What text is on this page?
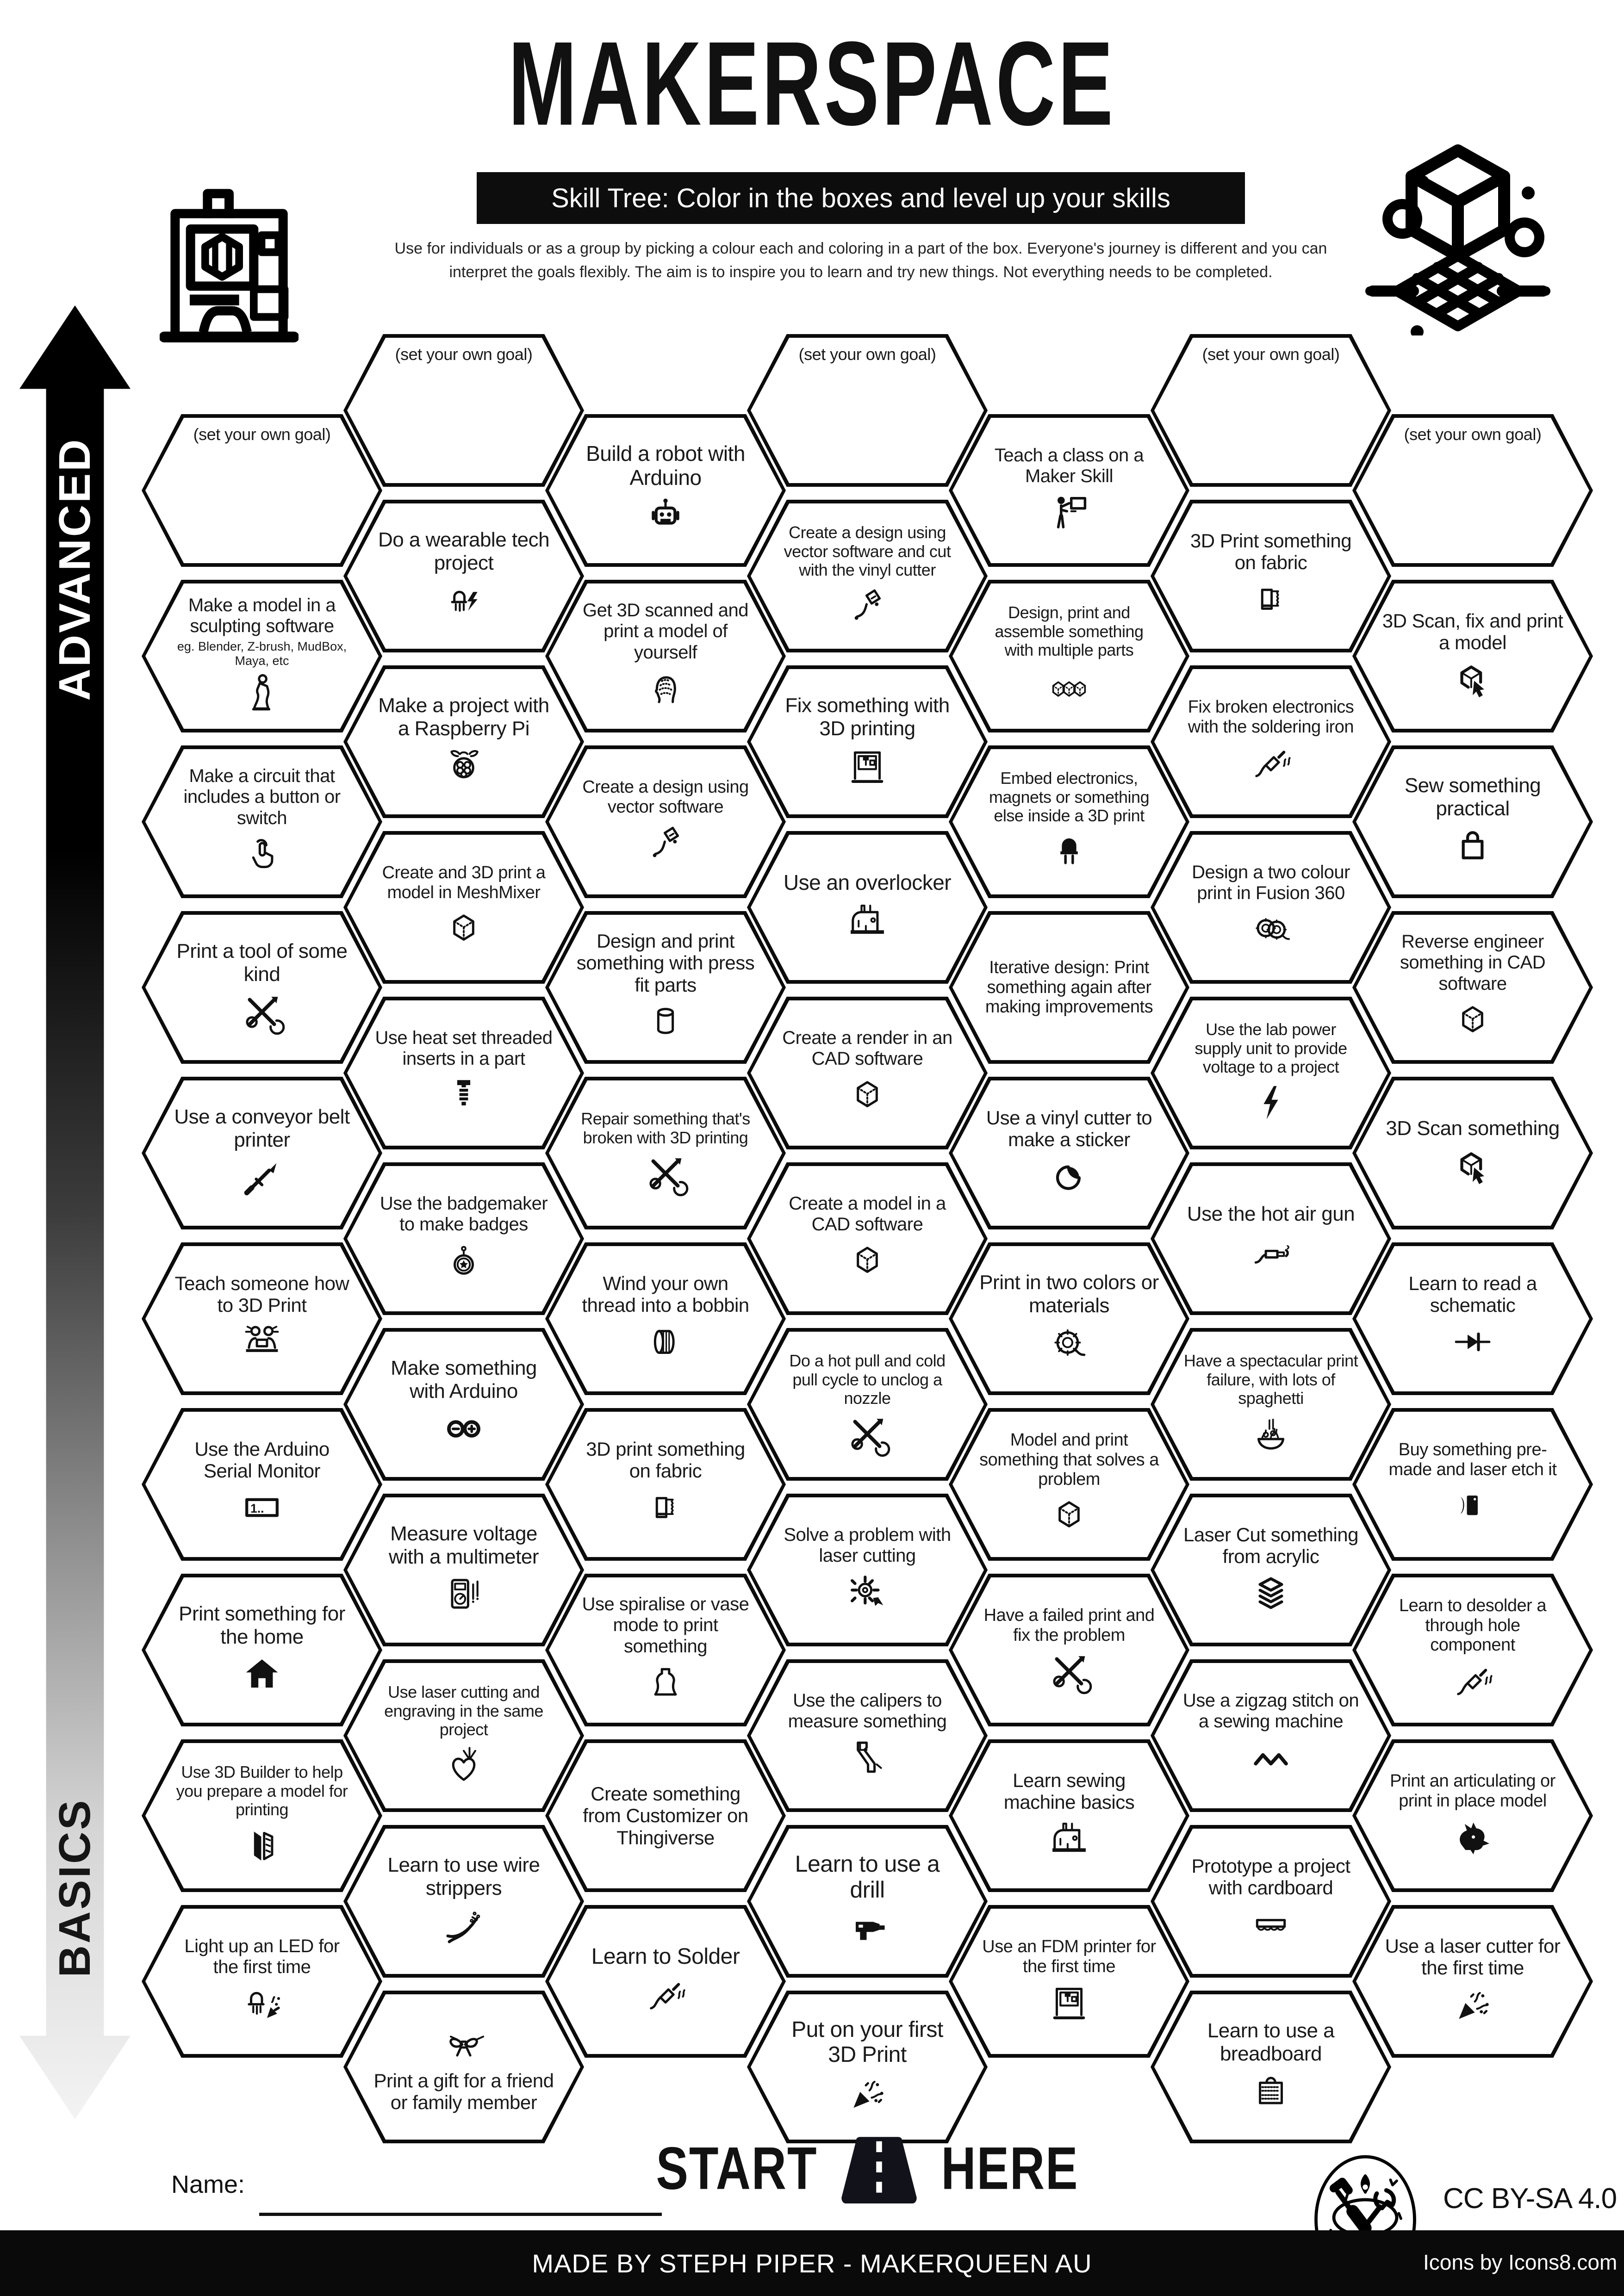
MAKERSPACE
Skill Tree: Color in the boxes and level up your skills
Use for individuals or as a group by picking a colour each and coloring in a part of the box. Everyone's journey is different and you can
interpret the goals flexibly. The aim is to inspire you to learn and try new things. Not everything needs to be completed.
ADVANCED
BASICS
(set your own goal)
Make a model in a sculpting software
eg. Blender, Z-brush, MudBox, Maya, etc
Make a circuit that includes a button or switch
Print a tool of some kind
Use a conveyor belt printer
Teach someone how to 3D Print
Use the Arduino Serial Monitor
1..
Print something for the home
Use 3D Builder to help you prepare a model for printing
Light up an LED for the first time
(set your own goal)
Do a wearable tech project
Make a project with a Raspberry Pi
Create and 3D print a model in MeshMixer
Use heat set threaded inserts in a part
Use the badgemaker to make badges
Make something with Arduino
Measure voltage with a multimeter
Use laser cutting and engraving in the same project
Learn to use wire strippers
Print a gift for a friend or family member
Build a robot with Arduino
Get 3D scanned and print a model of yourself
Create a design using vector software
Design and print something with press fit parts
Repair something that's broken with 3D printing
Wind your own thread into a bobbin
3D print something on fabric
Use spiralise or vase mode to print something
Create something from Customizer on Thingiverse
Learn to Solder
(set your own goal)
Create a design using vector software and cut with the vinyl cutter
Fix something with 3D printing
Use an overlocker
Create a render in an CAD software
Create a model in a CAD software
Do a hot pull and cold pull cycle to unclog a nozzle
Solve a problem with laser cutting
Use the calipers to measure something
Learn to use a drill
Put on your first 3D Print
Teach a class on a Maker Skill
Design, print and assemble something with multiple parts
Embed electronics, magnets or something else inside a 3D print
Iterative design: Print something again after making improvements
Use a vinyl cutter to make a sticker
Print in two colors or materials
Model and print something that solves a problem
Have a failed print and fix the problem
Learn sewing machine basics
Use an FDM printer for the first time
(set your own goal)
3D Print something on fabric
Fix broken electronics with the soldering iron
Design a two colour print in Fusion 360
Use the lab power supply unit to provide voltage to a project
Use the hot air gun
Have a spectacular print failure, with lots of spaghetti
Laser Cut something from acrylic
Use a zigzag stitch on a sewing machine
Prototype a project with cardboard
Learn to use a breadboard
(set your own goal)
3D Scan, fix and print a model
Sew something practical
Reverse engineer something in CAD software
3D Scan something
Learn to read a schematic
Buy something pre-made and laser etch it
Learn to desolder a through hole component
Print an articulating or print in place model
Use a laser cutter for the first time
START	HERE
Name:	CC BY-SA 4.0
MADE BY STEPH PIPER - MAKERQUEEN AU	Icons by Icons8.com
